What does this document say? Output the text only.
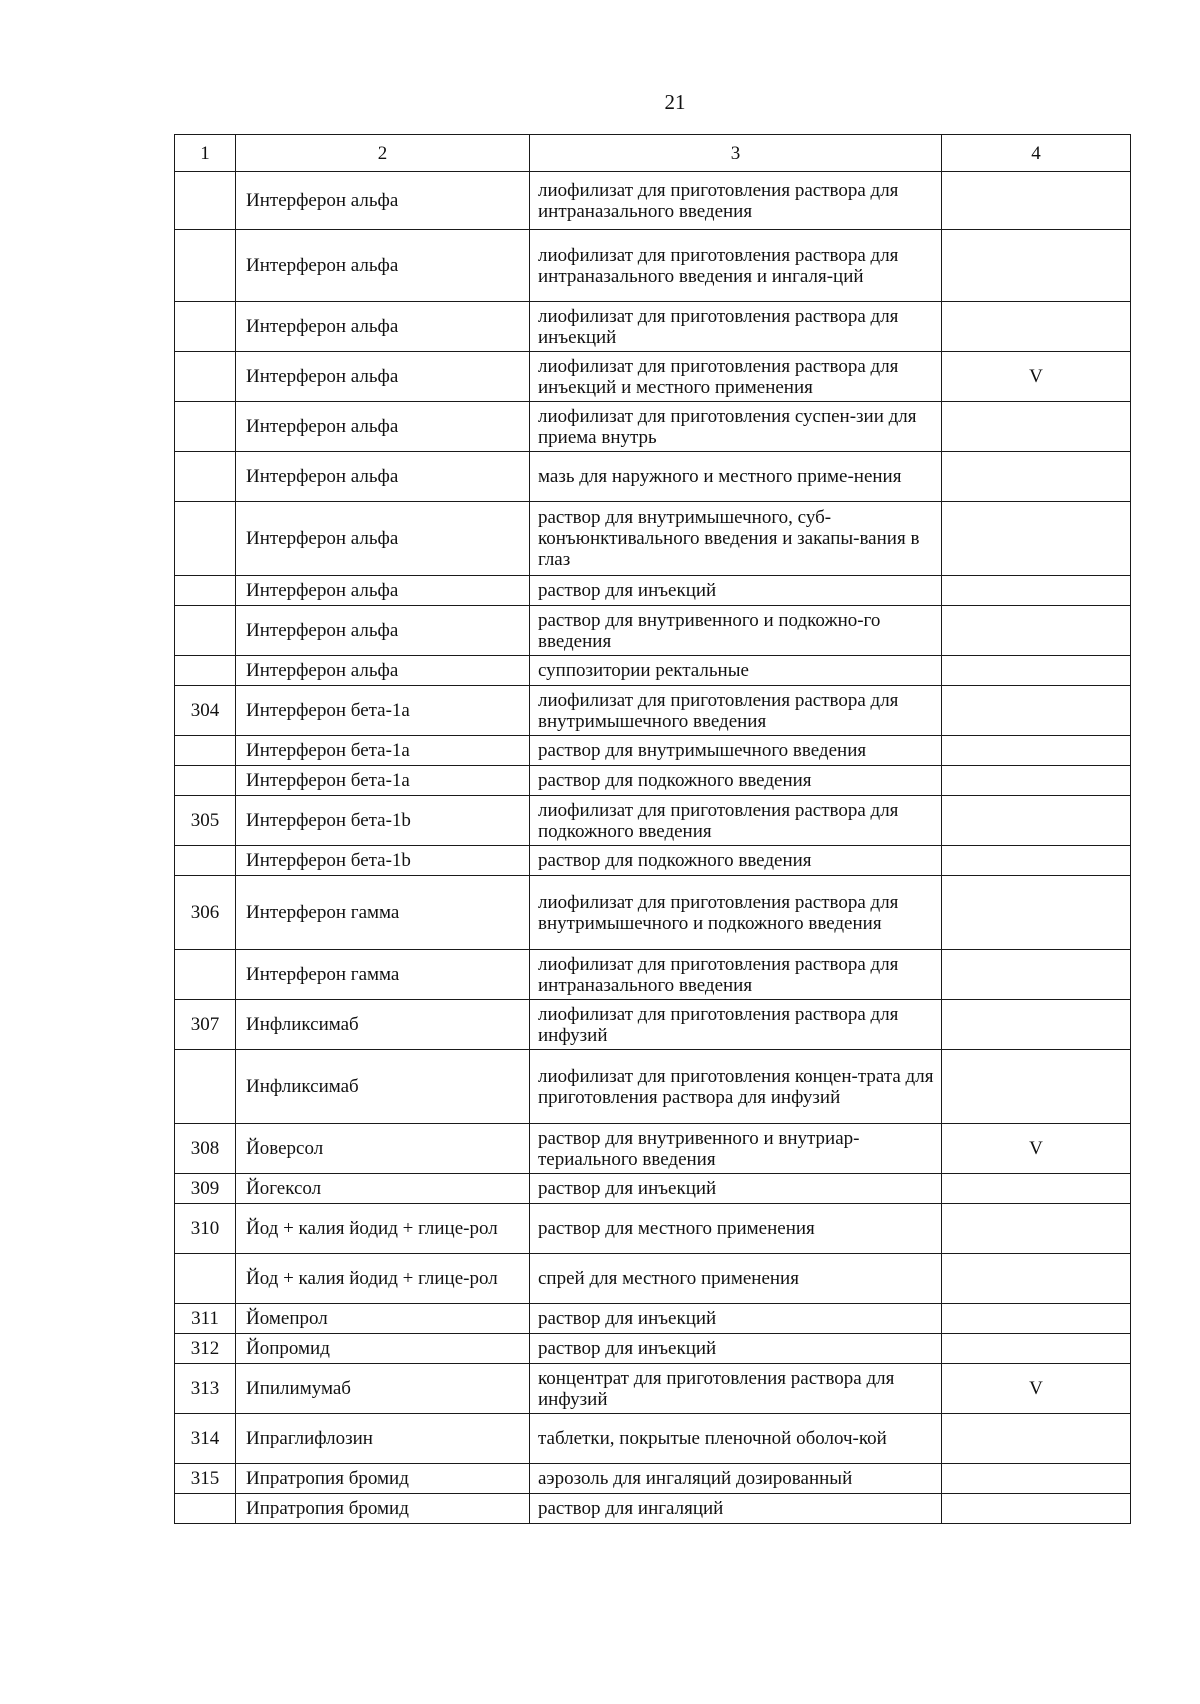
21
1	2	3	4
	Интерферон альфа	лиофилизат для приготовления раствора для интраназального введения	
	Интерферон альфа	лиофилизат для приготовления раствора для интраназального введения и ингаля-ций	
	Интерферон альфа	лиофилизат для приготовления раствора для инъекций	
	Интерферон альфа	лиофилизат для приготовления раствора для инъекций и местного применения	V
	Интерферон альфа	лиофилизат для приготовления суспен-зии для приема внутрь	
	Интерферон альфа	мазь для наружного и местного приме-нения	
	Интерферон альфа	раствор для внутримышечного, суб-конъюнктивального введения и закапы-вания в глаз	
	Интерферон альфа	раствор для инъекций	
	Интерферон альфа	раствор для внутривенного и подкожно-го введения	
	Интерферон альфа	суппозитории ректальные	
304	Интерферон бета-1а	лиофилизат для приготовления раствора для внутримышечного введения	
	Интерферон бета-1а	раствор для внутримышечного введения	
	Интерферон бета-1а	раствор для подкожного введения	
305	Интерферон бета-1b	лиофилизат для приготовления раствора для подкожного введения	
	Интерферон бета-1b	раствор для подкожного введения	
306	Интерферон гамма	лиофилизат для приготовления раствора для внутримышечного и подкожного введения	
	Интерферон гамма	лиофилизат для приготовления раствора для интраназального введения	
307	Инфликсимаб	лиофилизат для приготовления раствора для инфузий	
	Инфликсимаб	лиофилизат для приготовления концен-трата для приготовления раствора для инфузий	
308	Йоверсол	раствор для внутривенного и внутриар-териального введения	V
309	Йогексол	раствор для инъекций	
310	Йод + калия йодид + глице-рол	раствор для местного применения	
	Йод + калия йодид + глице-рол	спрей для местного применения	
311	Йомепрол	раствор для инъекций	
312	Йопромид	раствор для инъекций	
313	Ипилимумаб	концентрат для приготовления раствора для инфузий	V
314	Ипраглифлозин	таблетки, покрытые пленочной оболоч-кой	
315	Ипратропия бромид	аэрозоль для ингаляций дозированный	
	Ипратропия бромид	раствор для ингаляций	
